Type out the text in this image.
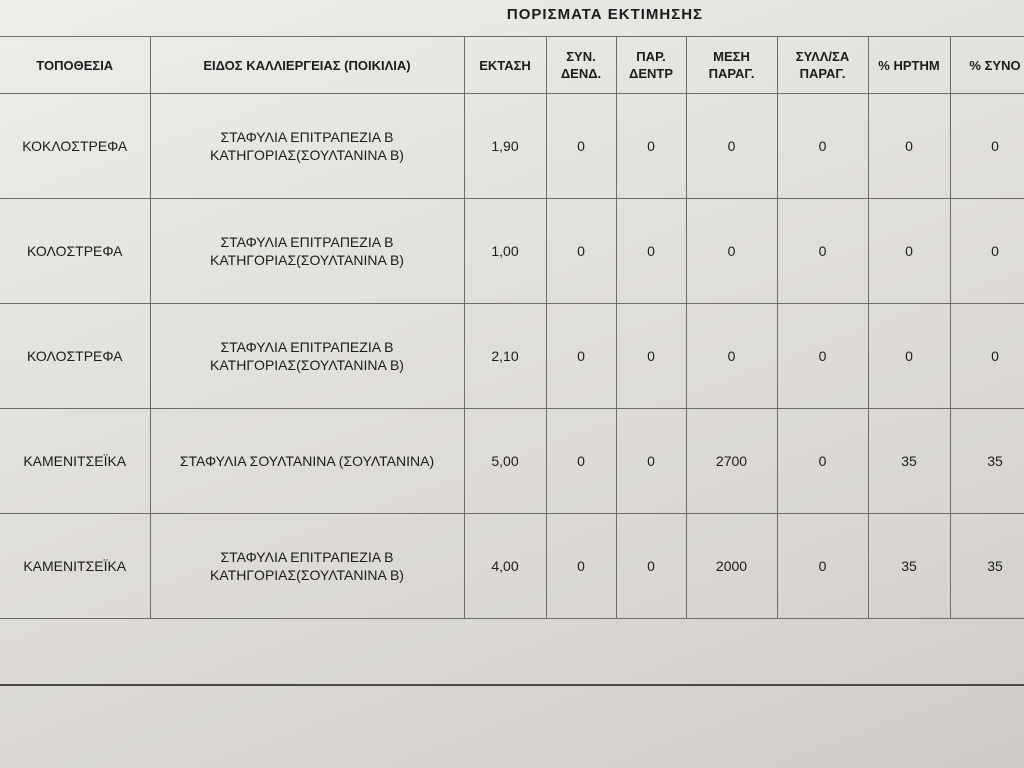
ΠΟΡΙΣΜΑΤΑ ΕΚΤΙΜΗΣΗΣ
ΤΟΠΟΘΕΣΙΑ	ΕΙΔΟΣ ΚΑΛΛΙΕΡΓΕΙΑΣ (ΠΟΙΚΙΛΙΑ)	ΕΚΤΑΣΗ	ΣΥΝ. ΔΕΝΔ.	ΠΑΡ. ΔΕΝΤΡ	ΜΕΣΗ ΠΑΡΑΓ.	ΣΥΛΛ/ΣΑ ΠΑΡΑΓ.	% ΗΡΤΗΜ	% ΣΥΝΟ
ΚΟΚΛΟΣΤΡΕΦΑ	ΣΤΑΦΥΛΙΑ ΕΠΙΤΡΑΠΕΖΙΑ Β ΚΑΤΗΓΟΡΙΑΣ(ΣΟΥΛΤΑΝΙΝΑ Β)	1,90	0	0	0	0	0	0
ΚΟΛΟΣΤΡΕΦΑ	ΣΤΑΦΥΛΙΑ ΕΠΙΤΡΑΠΕΖΙΑ Β ΚΑΤΗΓΟΡΙΑΣ(ΣΟΥΛΤΑΝΙΝΑ Β)	1,00	0	0	0	0	0	0
ΚΟΛΟΣΤΡΕΦΑ	ΣΤΑΦΥΛΙΑ ΕΠΙΤΡΑΠΕΖΙΑ Β ΚΑΤΗΓΟΡΙΑΣ(ΣΟΥΛΤΑΝΙΝΑ Β)	2,10	0	0	0	0	0	0
ΚΑΜΕΝΙΤΣΕΪΚΑ	ΣΤΑΦΥΛΙΑ ΣΟΥΛΤΑΝΙΝΑ (ΣΟΥΛΤΑΝΙΝΑ)	5,00	0	0	2700	0	35	35
ΚΑΜΕΝΙΤΣΕΪΚΑ	ΣΤΑΦΥΛΙΑ ΕΠΙΤΡΑΠΕΖΙΑ Β ΚΑΤΗΓΟΡΙΑΣ(ΣΟΥΛΤΑΝΙΝΑ Β)	4,00	0	0	2000	0	35	35
